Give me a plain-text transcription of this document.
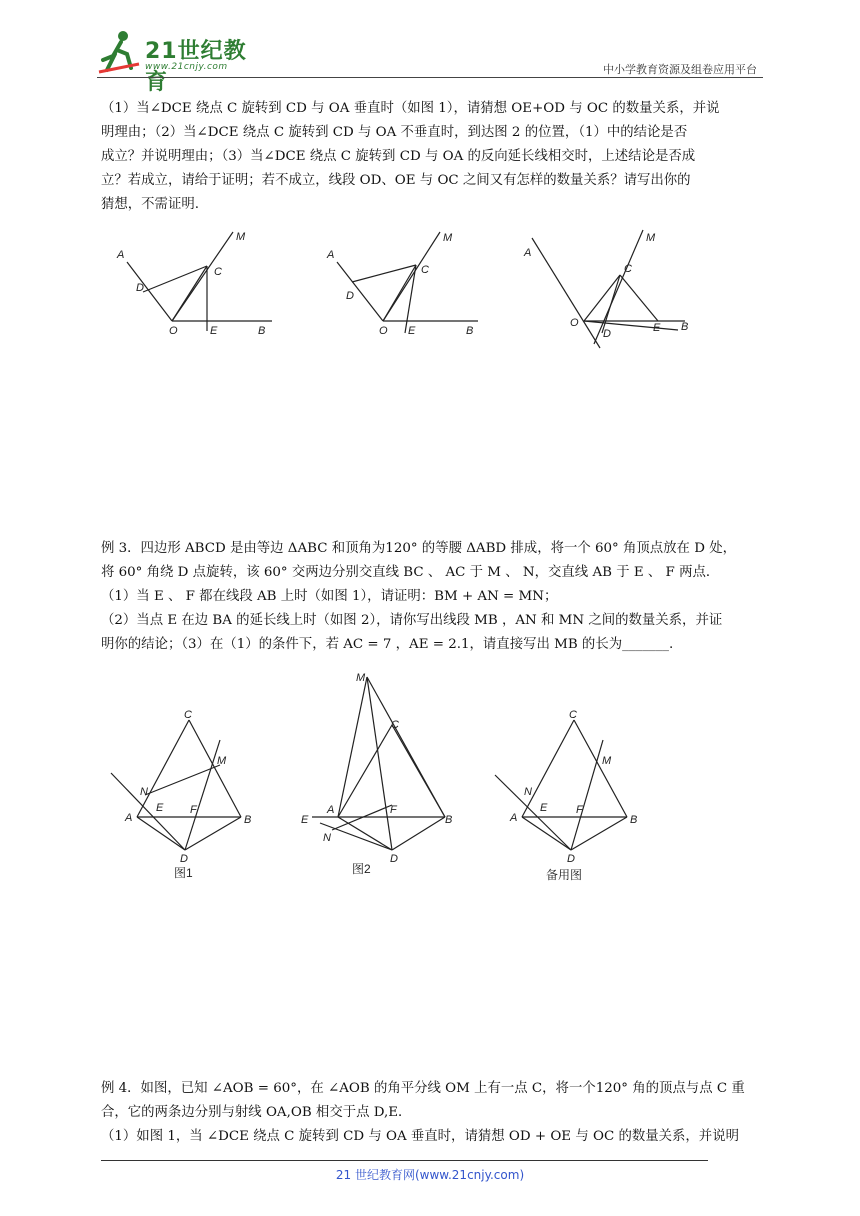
21世纪教育
www.21cnjy.com	中小学教育资源及组卷应用平台
（1）当∠DCE 绕点 C 旋转到 CD 与 OA 垂直时（如图 1），请猜想 OE+OD 与 OC 的数量关系，并说
明理由；（2）当∠DCE 绕点 C 旋转到 CD 与 OA 不垂直时，到达图 2 的位置，（1）中的结论是否
成立？并说明理由；（3）当∠DCE 绕点 C 旋转到 CD 与 OA 的反向延长线相交时，上述结论是否成
立？若成立，请给于证明；若不成立，线段 OD、OE 与 OC 之间又有怎样的数量关系？请写出你的
猜想，不需证明.
A
M
C
D
O	E	B
A
M
C
D
O E	B
A
M
C
O
D	E B
例 3．四边形 ABCD 是由等边 ΔABC 和顶角为120° 的等腰 ΔABD 排成，将一个 60° 角顶点放在 D 处，
将 60° 角绕 D 点旋转，该 60° 交两边分别交直线 BC 、 AC 于 M 、 N，交直线 AB 于 E 、 F 两点．
（1）当 E 、 F 都在线段 AB 上时（如图 1），请证明：BM + AN = MN；
（2）当点 E 在边 BA 的延长线上时（如图 2），请你写出线段 MB ，AN 和 MN 之间的数量关系，并证
明你的结论；（3）在（1）的条件下，若 AC = 7 ，AE = 2.1，请直接写出 MB 的长为_______.
C
M
N
E F
A	B
D
图1
M
C
A	F
E
N
B
D
图2
C
M
N
E	F
A	B
D
备用图
例 4．如图，已知 ∠AOB = 60°，在 ∠AOB 的角平分线 OM 上有一点 C，将一个120° 角的顶点与点 C 重
合，它的两条边分别与射线 OA,OB 相交于点 D,E．
（1）如图 1，当 ∠DCE 绕点 C 旋转到 CD 与 OA 垂直时，请猜想 OD + OE 与 OC 的数量关系，并说明
21 世纪教育网(www.21cnjy.com)
